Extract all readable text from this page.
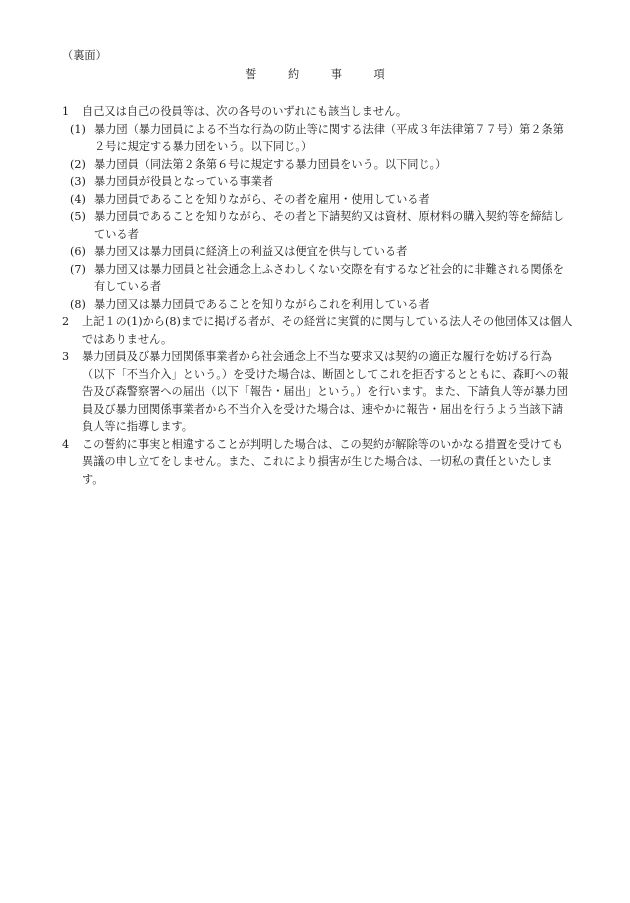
（裏面）
誓 約 事 項
1 自己又は自己の役員等は、次の各号のいずれにも該当しません。
(1) 暴力団（暴力団員による不当な行為の防止等に関する法律（平成３年法律第７７号）第２条第２号に規定する暴力団をいう。以下同じ。）
(2) 暴力団員（同法第２条第６号に規定する暴力団員をいう。以下同じ。）
(3) 暴力団員が役員となっている事業者
(4) 暴力団員であることを知りながら、その者を雇用・使用している者
(5) 暴力団員であることを知りながら、その者と下請契約又は資材、原材料の購入契約等を締結している者
(6) 暴力団又は暴力団員に経済上の利益又は便宜を供与している者
(7) 暴力団又は暴力団員と社会通念上ふさわしくない交際を有するなど社会的に非難される関係を有している者
(8) 暴力団又は暴力団員であることを知りながらこれを利用している者
2 上記１の(1)から(8)までに掲げる者が、その経営に実質的に関与している法人その他団体又は個人ではありません。
3 暴力団員及び暴力団関係事業者から社会通念上不当な要求又は契約の適正な履行を妨げる行為（以下「不当介入」という。）を受けた場合は、断固としてこれを拒否するとともに、森町への報告及び森警察署への届出（以下「報告・届出」という。）を行います。また、下請負人等が暴力団員及び暴力団関係事業者から不当介入を受けた場合は、速やかに報告・届出を行うよう当該下請負人等に指導します。
4 この誓約に事実と相違することが判明した場合は、この契約が解除等のいかなる措置を受けても異議の申し立てをしません。また、これにより損害が生じた場合は、一切私の責任といたします。
